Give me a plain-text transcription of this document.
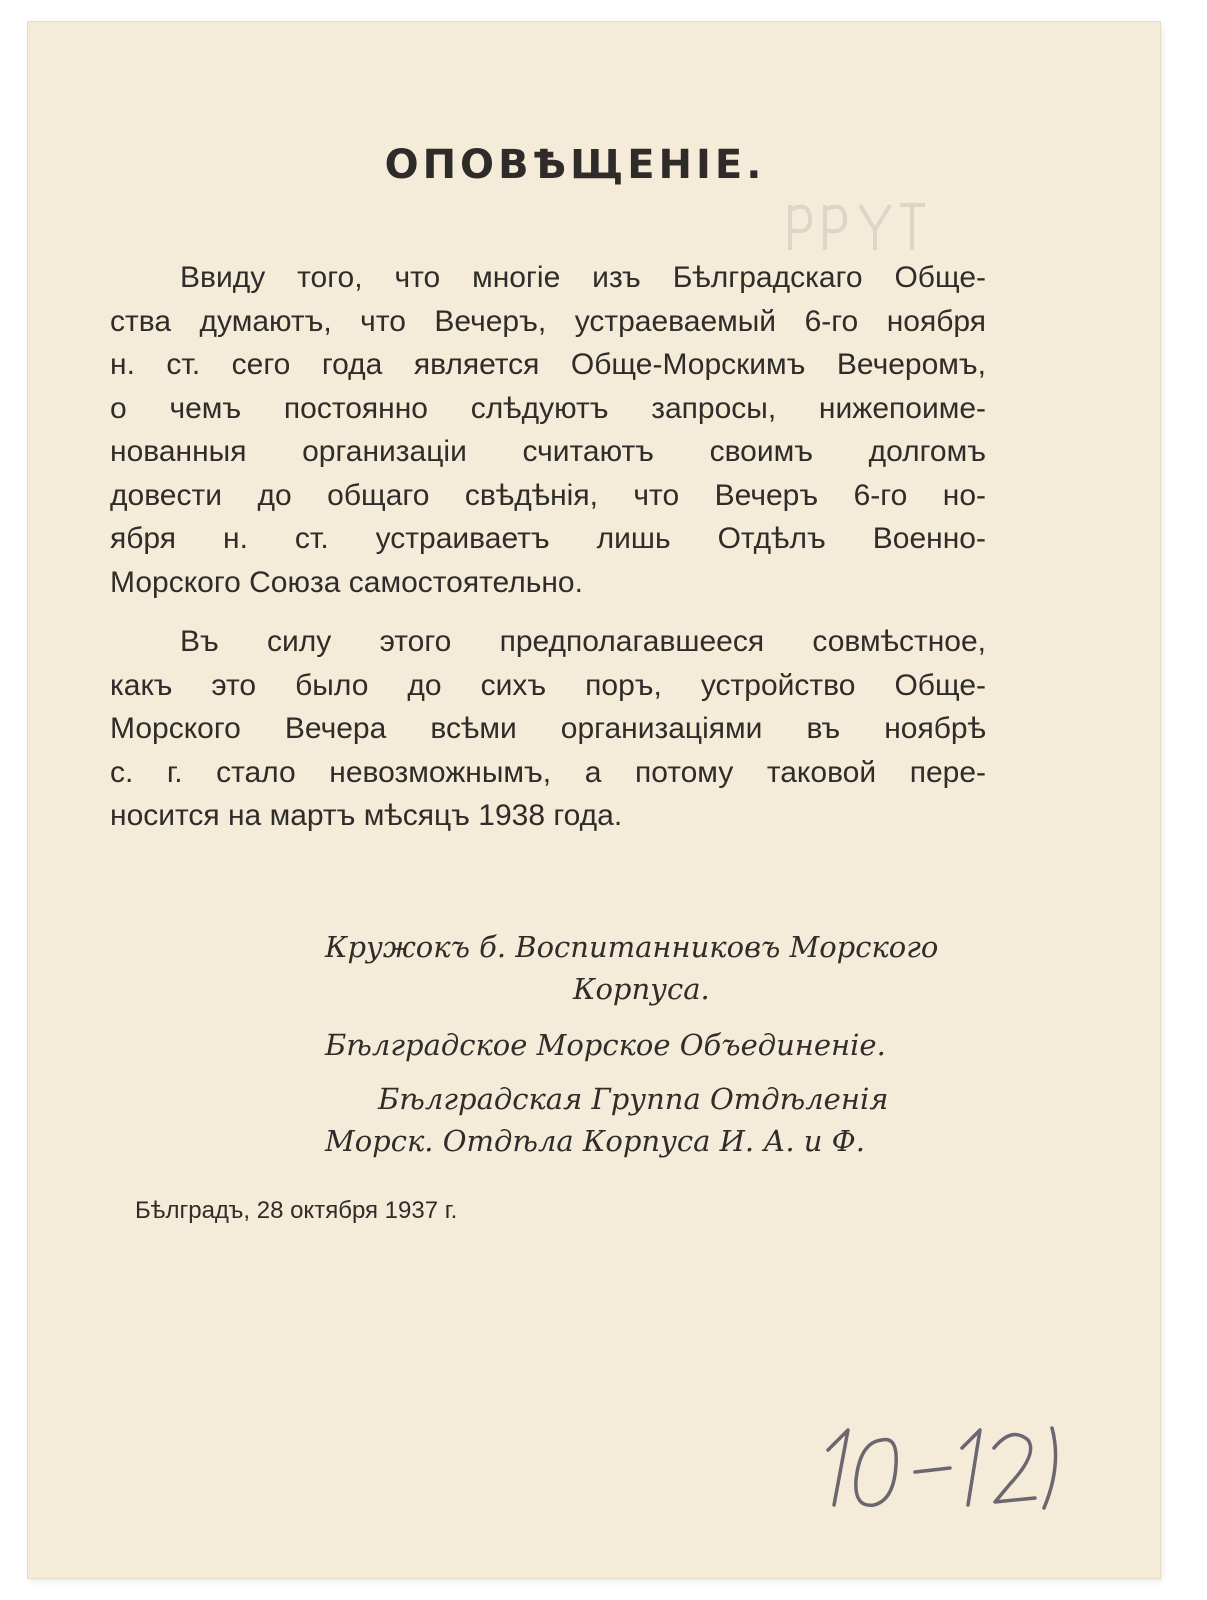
ОПОВѢЩЕНІЕ.
Ввиду того, что многіе изъ Бѣлградскаго Обще-
ства думаютъ, что Вечеръ, устраеваемый 6-го ноября
н. ст. сего года является Обще-Морскимъ Вечеромъ,
о чемъ постоянно слѣдуютъ запросы, нижепоиме-
нованныя организаціи считаютъ своимъ долгомъ
довести до общаго свѣдѣнія, что Вечеръ 6-го но-
ября н. ст. устраиваетъ лишь Отдѣлъ Военно-
Морского Союза самостоятельно.
Въ силу этого предполагавшееся совмѣстное,
какъ это было до сихъ поръ, устройство Обще-
Морского Вечера всѣми организаціями въ ноябрѣ
с. г. стало невозможнымъ, а потому таковой пере-
носится на мартъ мѣсяцъ 1938 года.
Кружокъ б. Воспитанниковъ Морского
Корпуса.
Бѣлградское Морское Объединеніе.
Бѣлградская Группа Отдѣленія
Морск. Отдѣла Корпуса И. А. и Ф.
Бѣлградъ, 28 октября 1937 г.
